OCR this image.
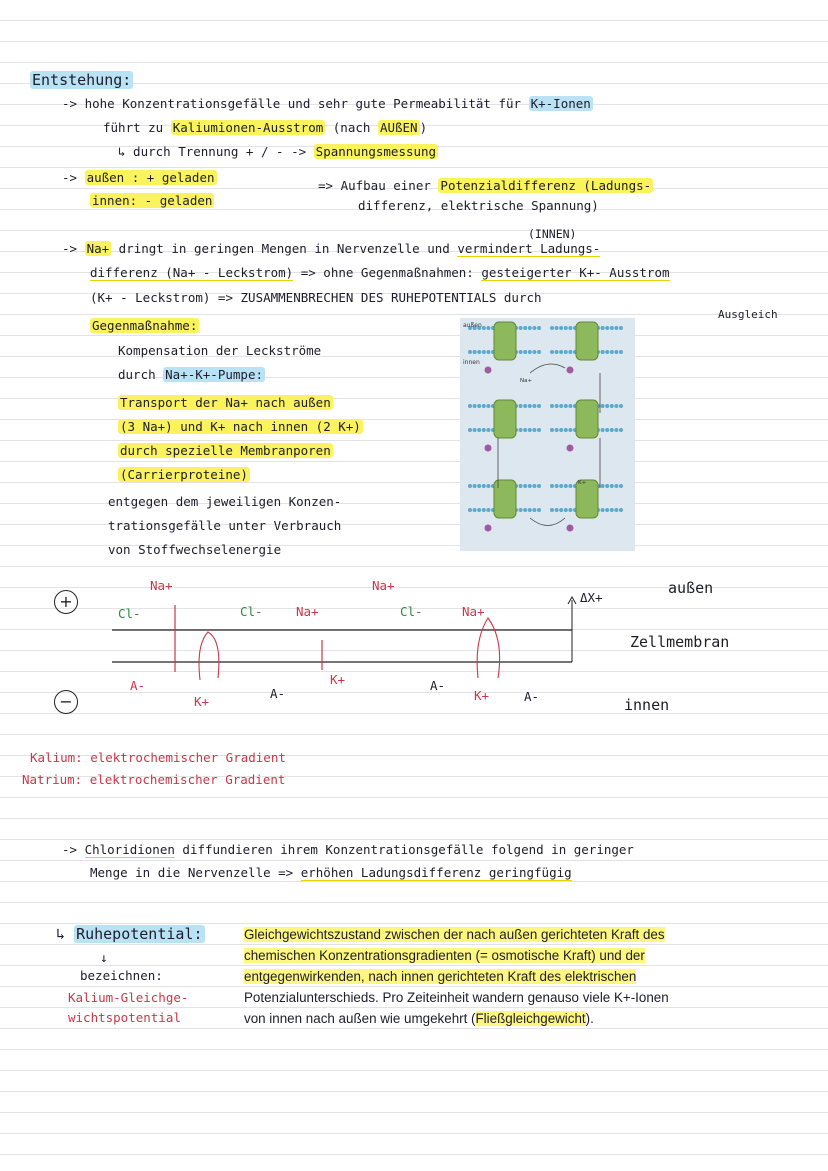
Entstehung:
-> hohe Konzentrationsgefälle und sehr gute Permeabilität für K+-Ionen
führt zu Kaliumionen-Ausstrom (nach AUßEN )
↳ durch Trennung + / - -> Spannungsmessung
-> außen : + geladen
innen: - geladen
=> Aufbau einer Potenzialdifferenz (Ladungs-
differenz, elektrische Spannung)
(INNEN)
-> Na+ dringt in geringen Mengen in Nervenzelle und vermindert Ladungs-
differenz (Na+ - Leckstrom) => ohne Gegenmaßnahmen: gesteigerter K+- Ausstrom
(K+ - Leckstrom) => ZUSAMMENBRECHEN DES RUHEPOTENTIALS durch
Ausgleich
Gegenmaßnahme:
Kompensation der Leckströme
durch Na+-K+-Pumpe:
Transport der Na+ nach außen
(3 Na+) und K+ nach innen (2 K+)
durch spezielle Membranporen
(Carrierproteine)
entgegen dem jeweiligen Konzen-
trationsgefälle unter Verbrauch
von Stoffwechselenergie
außen
innen
Na+
K+
+
−
Na+
Na+
Na+
Na+
Cl-	Cl-	Cl-
A-
A-
A-
A-
K+
K+
K+
ΔX+
außen
Zellmembran
innen
Kalium: elektrochemischer Gradient
Natrium: elektrochemischer Gradient
-> Chloridionen diffundieren ihrem Konzentrationsgefälle folgend in geringer
Menge in die Nervenzelle => erhöhen Ladungsdifferenz geringfügig
↳ Ruhepotential:
↓
bezeichnen:
Kalium-Gleichge-
wichtspotential
Gleichgewichtszustand zwischen der nach außen gerichteten Kraft des
chemischen Konzentrationsgradienten (= osmotische Kraft) und der
entgegenwirkenden, nach innen gerichteten Kraft des elektrischen
Potenzialunterschieds. Pro Zeiteinheit wandern genauso viele K+-Ionen
von innen nach außen wie umgekehrt (Fließgleichgewicht).
